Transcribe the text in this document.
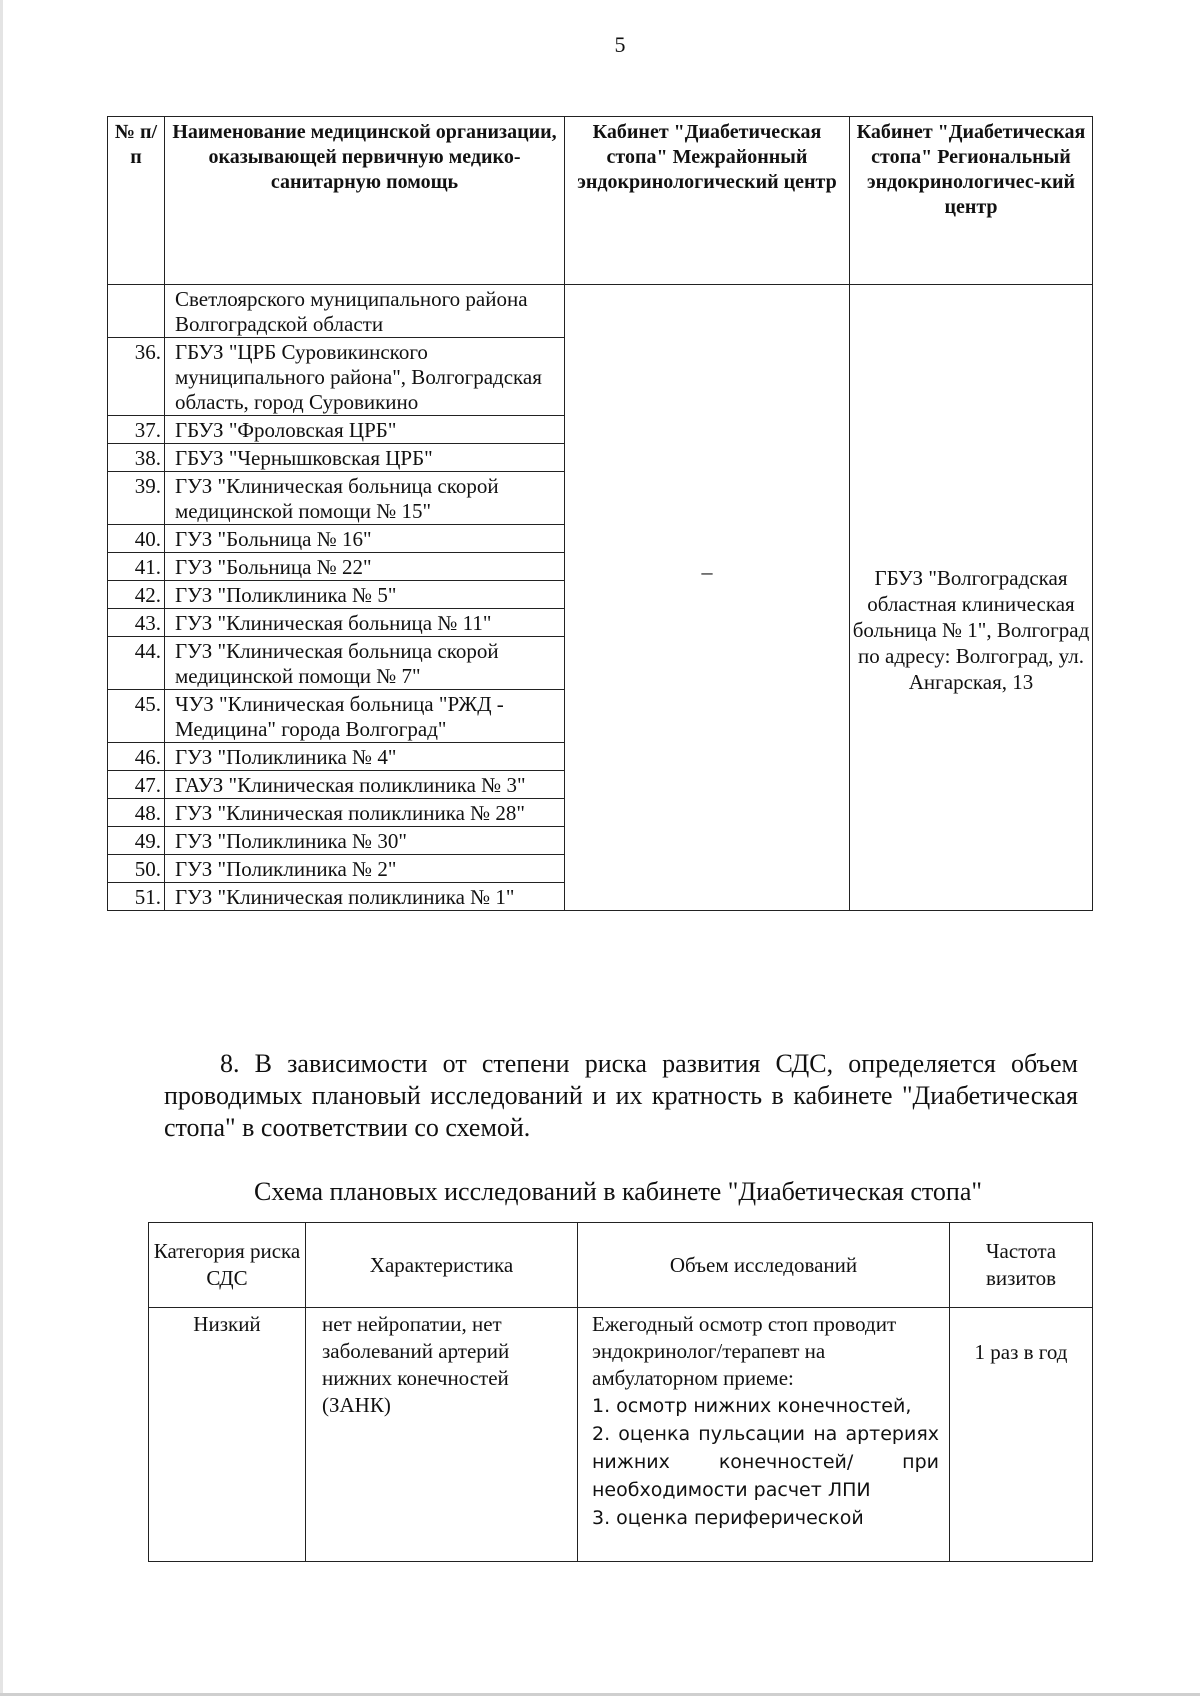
5
№ п/п	Наименование медицинской организации, оказывающей первичную медико-санитарную помощь	Кабинет "Диабетическая стопа" Межрайонный эндокринологический центр	Кабинет "Диабетическая стопа" Региональный эндокринологичес-кий центр
	Светлоярского муниципального района Волгоградской области	–	ГБУЗ "Волгоградская областная клиническая больница № 1", Волгоград по адресу: Волгоград, ул. Ангарская, 13
36.	ГБУЗ "ЦРБ Суровикинского муниципального района", Волгоградская область, город Суровикино		
37.	ГБУЗ "Фроловская ЦРБ"		
38.	ГБУЗ "Чернышковская ЦРБ"		
39.	ГУЗ "Клиническая больница скорой медицинской помощи № 15"		
40.	ГУЗ "Больница № 16"		
41.	ГУЗ "Больница № 22"		
42.	ГУЗ "Поликлиника № 5"		
43.	ГУЗ "Клиническая больница № 11"		
44.	ГУЗ "Клиническая больница скорой медицинской помощи № 7"		
45.	ЧУЗ "Клиническая больница "РЖД - Медицина" города Волгоград"		
46.	ГУЗ "Поликлиника № 4"		
47.	ГАУЗ "Клиническая поликлиника № 3"		
48.	ГУЗ "Клиническая поликлиника № 28"		
49.	ГУЗ "Поликлиника № 30"		
50.	ГУЗ "Поликлиника № 2"		
51.	ГУЗ "Клиническая поликлиника № 1"		
8. В зависимости от степени риска развития СДС, определяется объем проводимых плановый исследований и их кратность в кабинете "Диабетическая стопа" в соответствии со схемой.
Схема плановых исследований в кабинете "Диабетическая стопа"
Категория риска СДС	Характеристика	Объем исследований	Частота визитов
Низкий	нет нейропатии, нет заболеваний артерий нижних конечностей (ЗАНК)	Ежегодный осмотр стоп проводит эндокринолог/терапевт на амбулаторном приеме:
1. осмотр нижних конечностей,
2. оценка пульсации на артериях нижних конечностей/ при необходимости расчет ЛПИ
3. оценка периферической	1 раз в год
